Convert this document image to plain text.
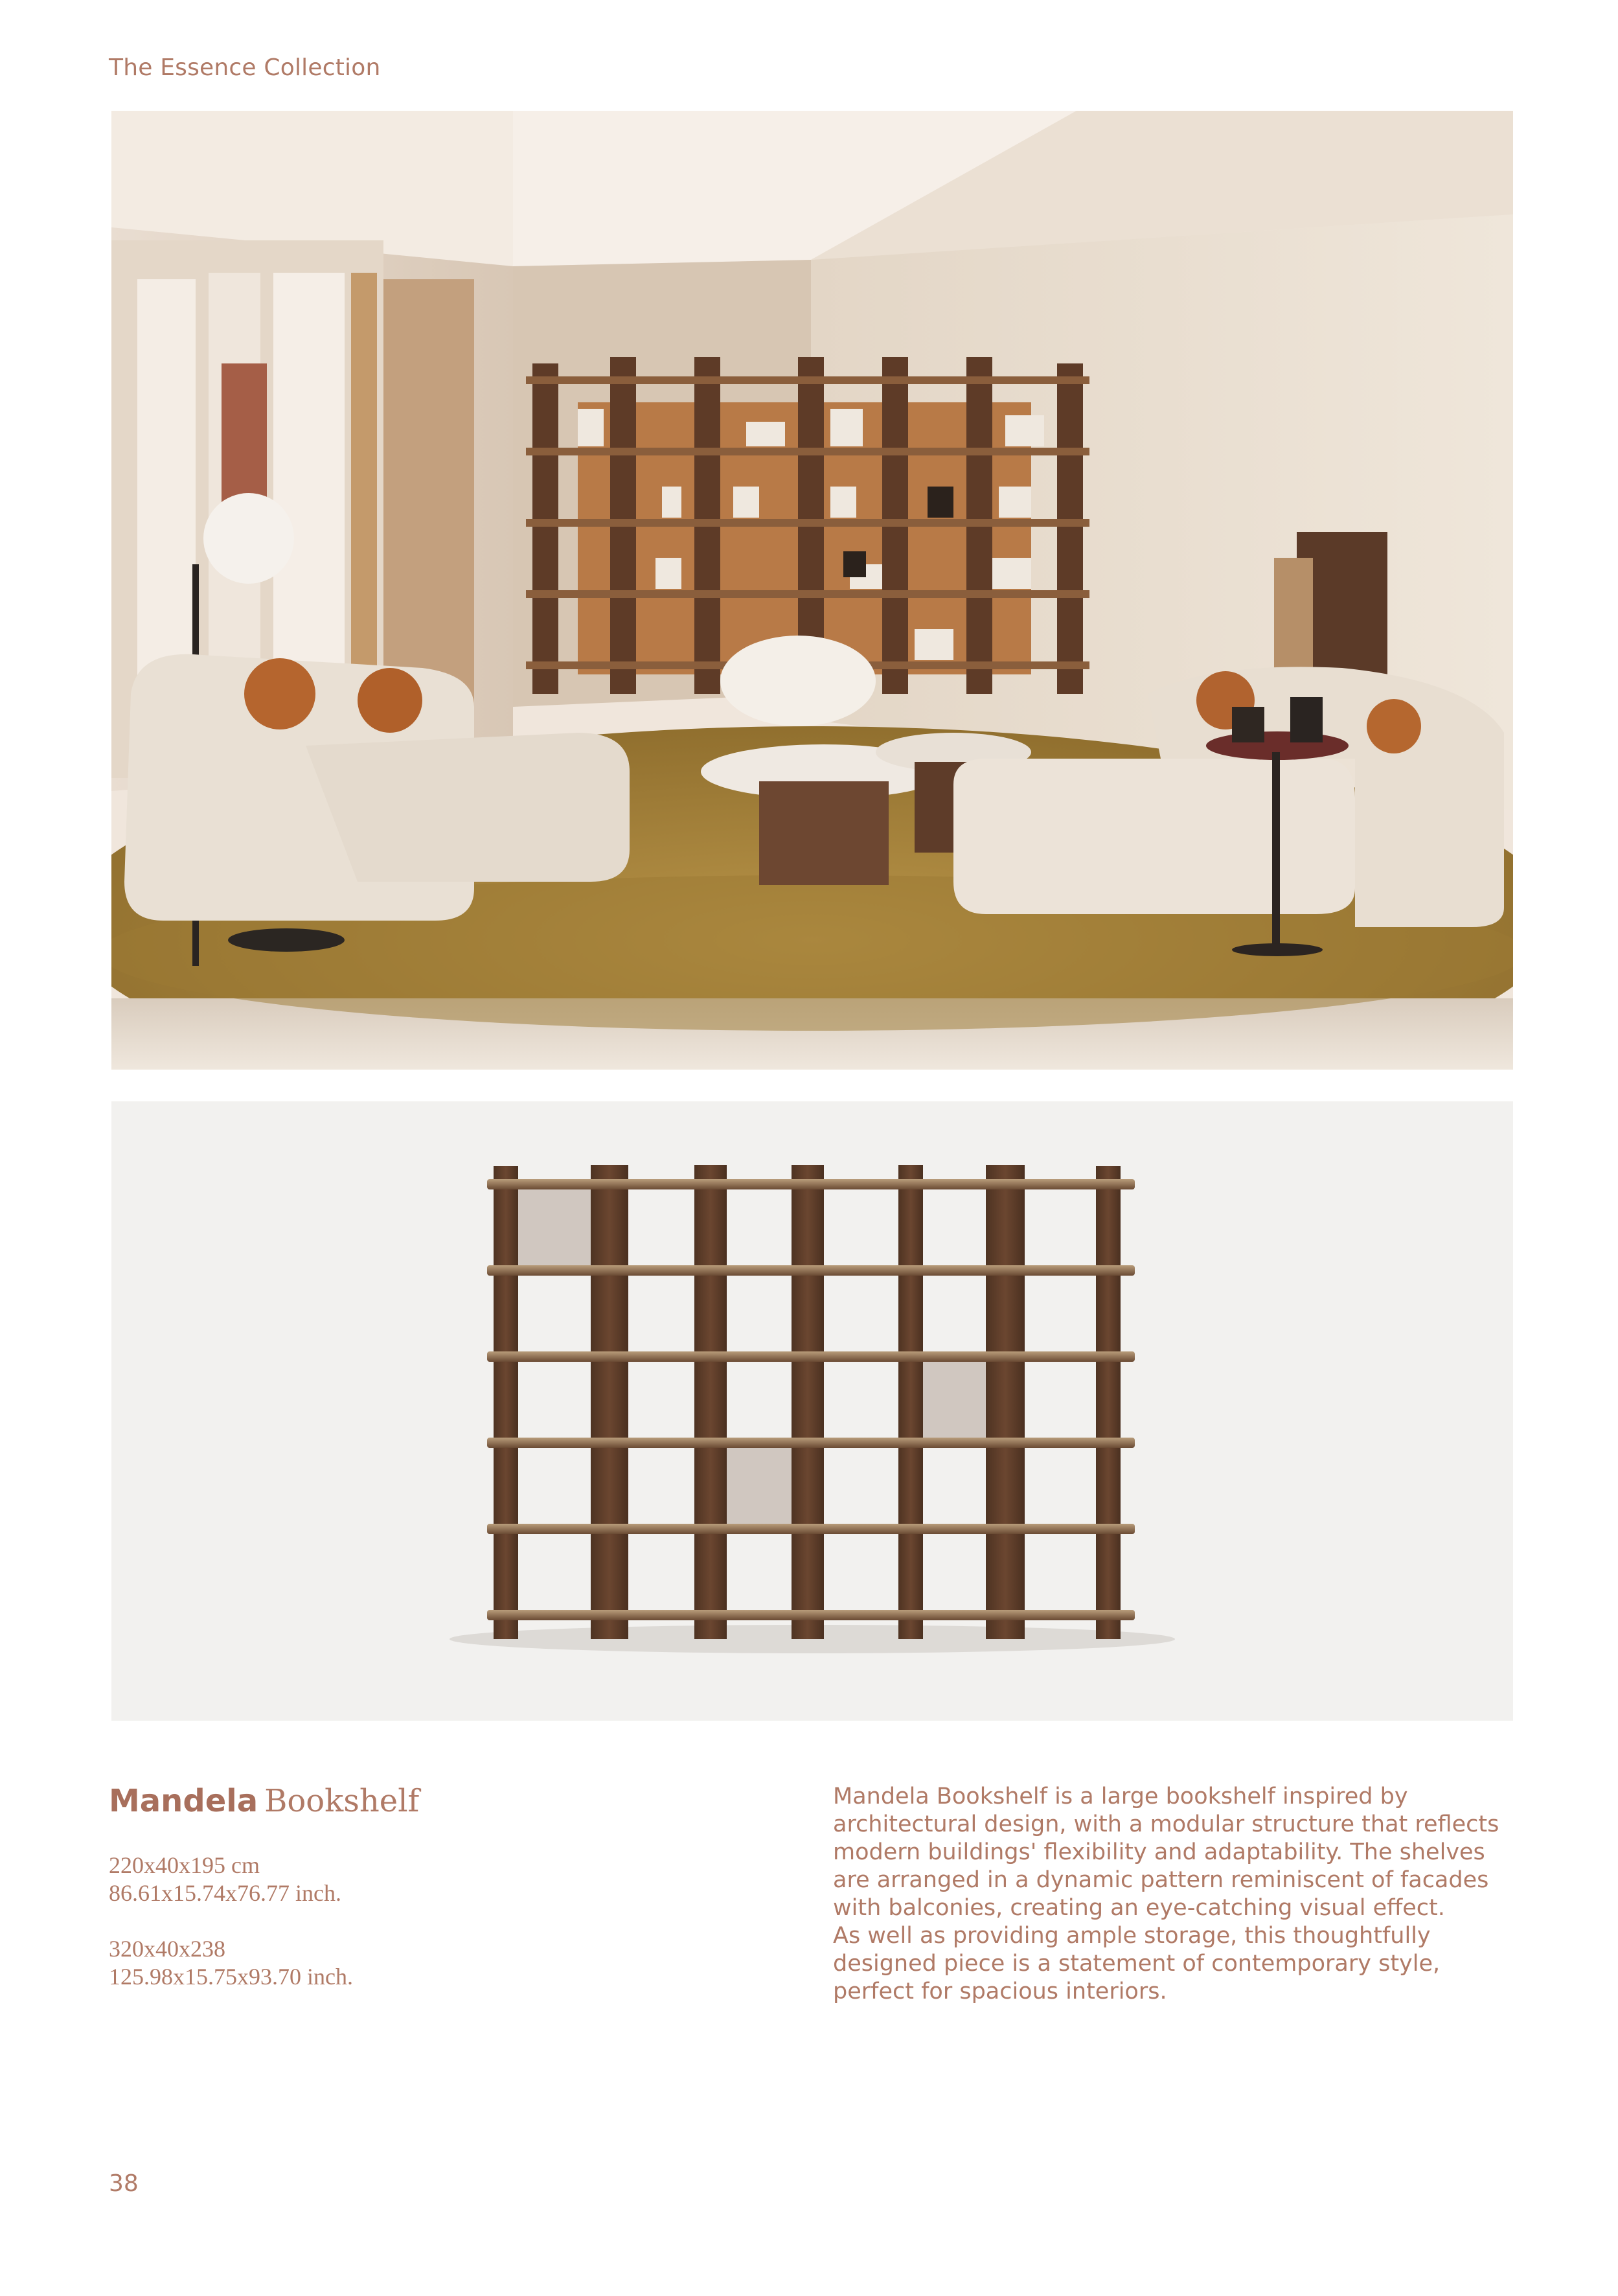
The Essence Collection
Mandela Bookshelf
220x40x195 cm
86.61x15.74x76.77 inch.
320x40x238
125.98x15.75x93.70 inch.
Mandela Bookshelf is a large bookshelf inspired by architectural design, with a modular structure that reflects modern buildings' flexibility and adaptability. The shelves are arranged in a dynamic pattern reminiscent of facades with balconies, creating an eye-catching visual effect.
As well as providing ample storage, this thoughtfully designed piece is a statement of contemporary style, perfect for spacious interiors.
38
